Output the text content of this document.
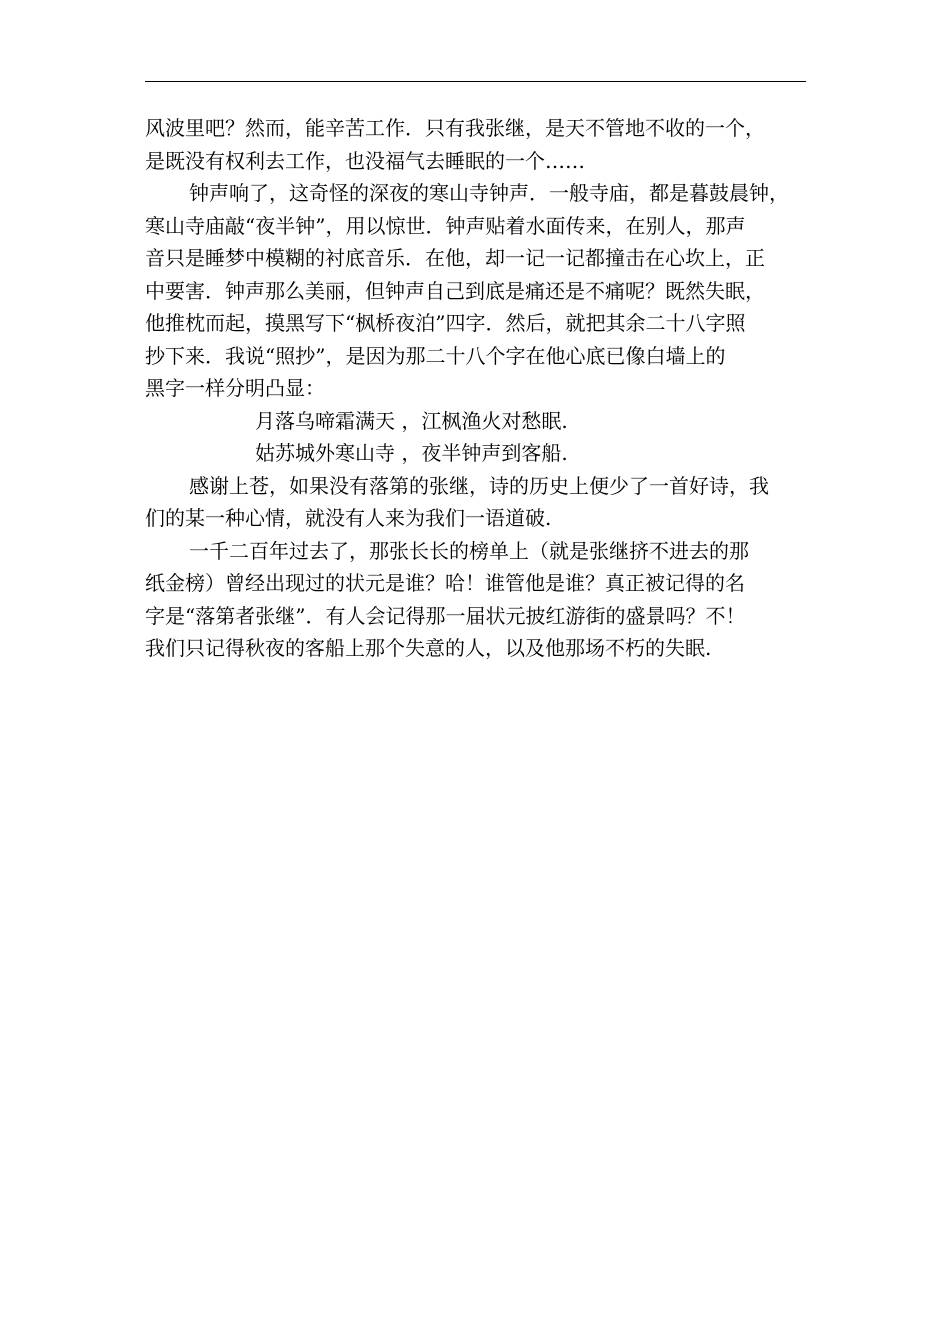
风波里吧？然而，能辛苦工作．只有我张继，是天不管地不收的一个，
是既没有权利去工作，也没福气去睡眠的一个……
钟声响了，这奇怪的深夜的寒山寺钟声．一般寺庙，都是暮鼓晨钟，
寒山寺庙敲“夜半钟”，用以惊世．钟声贴着水面传来，在别人，那声
音只是睡梦中模糊的衬底音乐．在他，却一记一记都撞击在心坎上，正
中要害．钟声那么美丽，但钟声自己到底是痛还是不痛呢？既然失眠，
他推枕而起，摸黑写下“枫桥夜泊”四字．然后，就把其余二十八字照
抄下来．我说“照抄”，是因为那二十八个字在他心底已像白墙上的
黑字一样分明凸显：
月落乌啼霜满天 ，江枫渔火对愁眠.
姑苏城外寒山寺 ，夜半钟声到客船.
感谢上苍，如果没有落第的张继，诗的历史上便少了一首好诗，我
们的某一种心情，就没有人来为我们一语道破.
一千二百年过去了，那张长长的榜单上（就是张继挤不进去的那
纸金榜）曾经出现过的状元是谁？哈！谁管他是谁？真正被记得的名
字是“落第者张继”．有人会记得那一届状元披红游街的盛景吗？不！
我们只记得秋夜的客船上那个失意的人，以及他那场不朽的失眠.
